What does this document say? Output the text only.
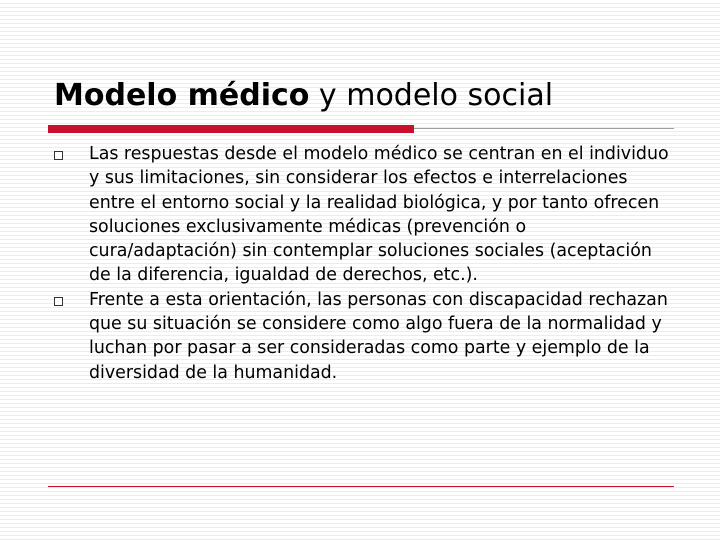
Modelo médico y modelo social
Las respuestas desde el modelo médico se centran en el individuo y sus limitaciones, sin considerar los efectos e interrelaciones entre el entorno social y la realidad biológica, y por tanto ofrecen soluciones exclusivamente médicas (prevención o cura/adaptación) sin contemplar soluciones sociales (aceptación de la diferencia, igualdad de derechos, etc.).
Frente a esta orientación, las personas con discapacidad rechazan que su situación se considere como algo fuera de la normalidad y luchan por pasar a ser consideradas como parte y ejemplo de la diversidad de la humanidad.
